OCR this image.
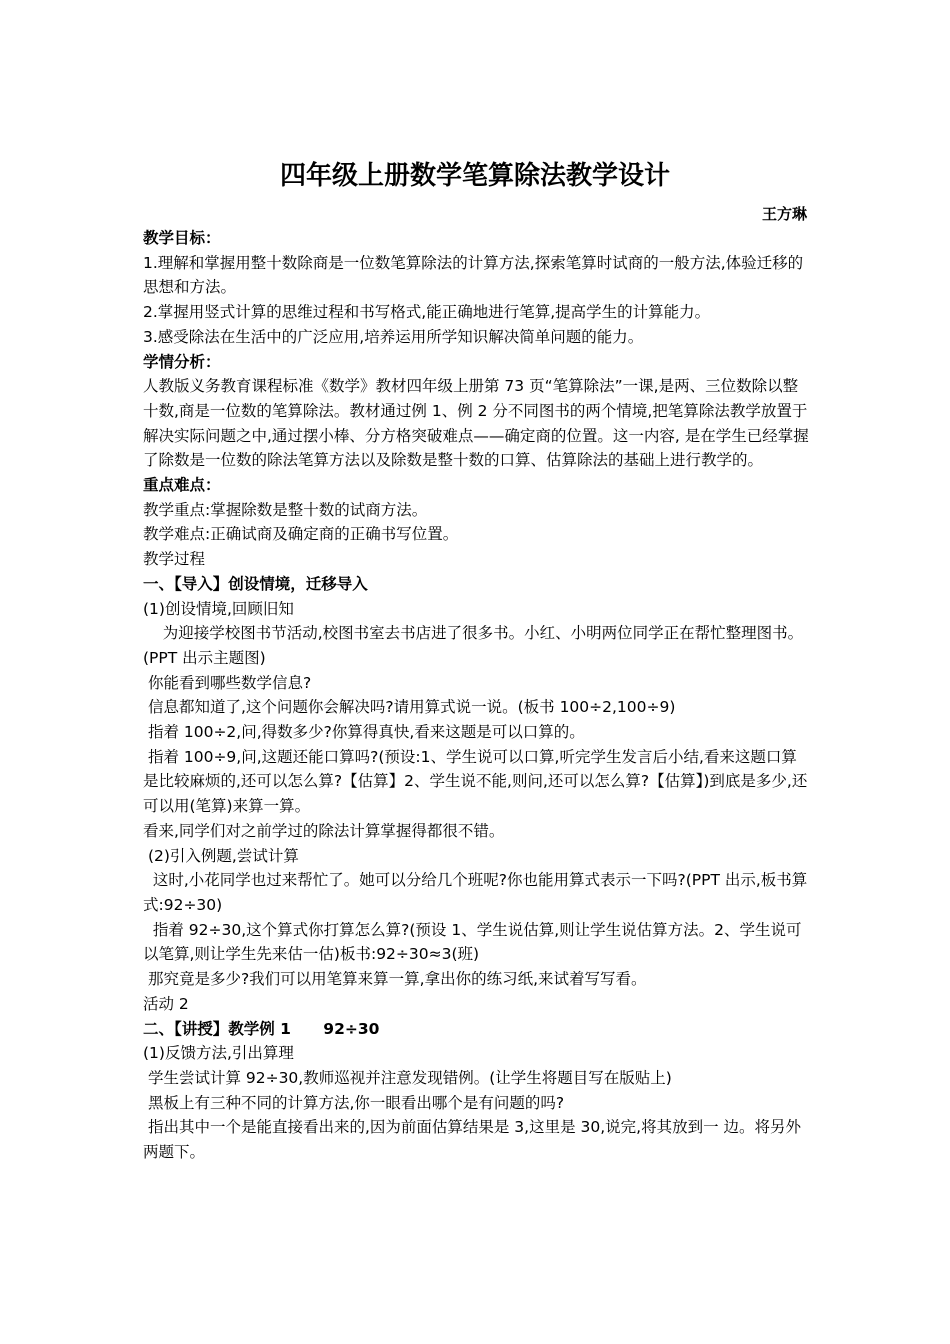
四年级上册数学笔算除法教学设计

王方琳

教学目标：

1.理解和掌握用整十数除商是一位数笔算除法的计算方法,探索笔算时试商的一般方法,体验迁移的思想和方法。

2.掌握用竖式计算的思维过程和书写格式,能正确地进行笔算,提高学生的计算能力。

3.感受除法在生活中的广泛应用,培养运用所学知识解决简单问题的能力。

学情分析：

人教版义务教育课程标准《数学》教材四年级上册第 73 页“笔算除法”一课,是两、三位数除以整十数,商是一位数的笔算除法。教材通过例 1、例 2 分不同图书的两个情境,把笔算除法教学放置于解决实际问题之中,通过摆小棒、分方格突破难点——确定商的位置。这一内容, 是在学生已经掌握了除数是一位数的除法笔算方法以及除数是整十数的口算、估算除法的基础上进行教学的。

重点难点：

教学重点:掌握除数是整十数的试商方法。

教学难点:正确试商及确定商的正确书写位置。

教学过程

一、【导入】创设情境，迁移导入

(1)创设情境,回顾旧知

为迎接学校图书节活动,校图书室去书店进了很多书。小红、小明两位同学正在帮忙整理图书。(PPT 出示主题图)

你能看到哪些数学信息?

信息都知道了,这个问题你会解决吗?请用算式说一说。(板书 100÷2,100÷9)

指着 100÷2,问,得数多少?你算得真快,看来这题是可以口算的。

指着 100÷9,问,这题还能口算吗?(预设:1、学生说可以口算,听完学生发言后小结,看来这题口算是比较麻烦的,还可以怎么算?【估算】2、学生说不能,则问,还可以怎么算?【估算】)到底是多少,还可以用(笔算)来算一算。

看来,同学们对之前学过的除法计算掌握得都很不错。

(2)引入例题,尝试计算

这时,小花同学也过来帮忙了。她可以分给几个班呢?你也能用算式表示一下吗?(PPT 出示,板书算式:92÷30)

指着 92÷30,这个算式你打算怎么算?(预设 1、学生说估算,则让学生说估算方法。2、学生说可以笔算,则让学生先来估一估)板书:92÷30≈3(班)

那究竟是多少?我们可以用笔算来算一算,拿出你的练习纸,来试着写写看。

活动 2

二、【讲授】教学例 1      92÷30

(1)反馈方法,引出算理

学生尝试计算 92÷30,教师巡视并注意发现错例。(让学生将题目写在版贴上)

黑板上有三种不同的计算方法,你一眼看出哪个是有问题的吗?

指出其中一个是能直接看出来的,因为前面估算结果是 3,这里是 30,说完,将其放到一 边。将另外两题下。
